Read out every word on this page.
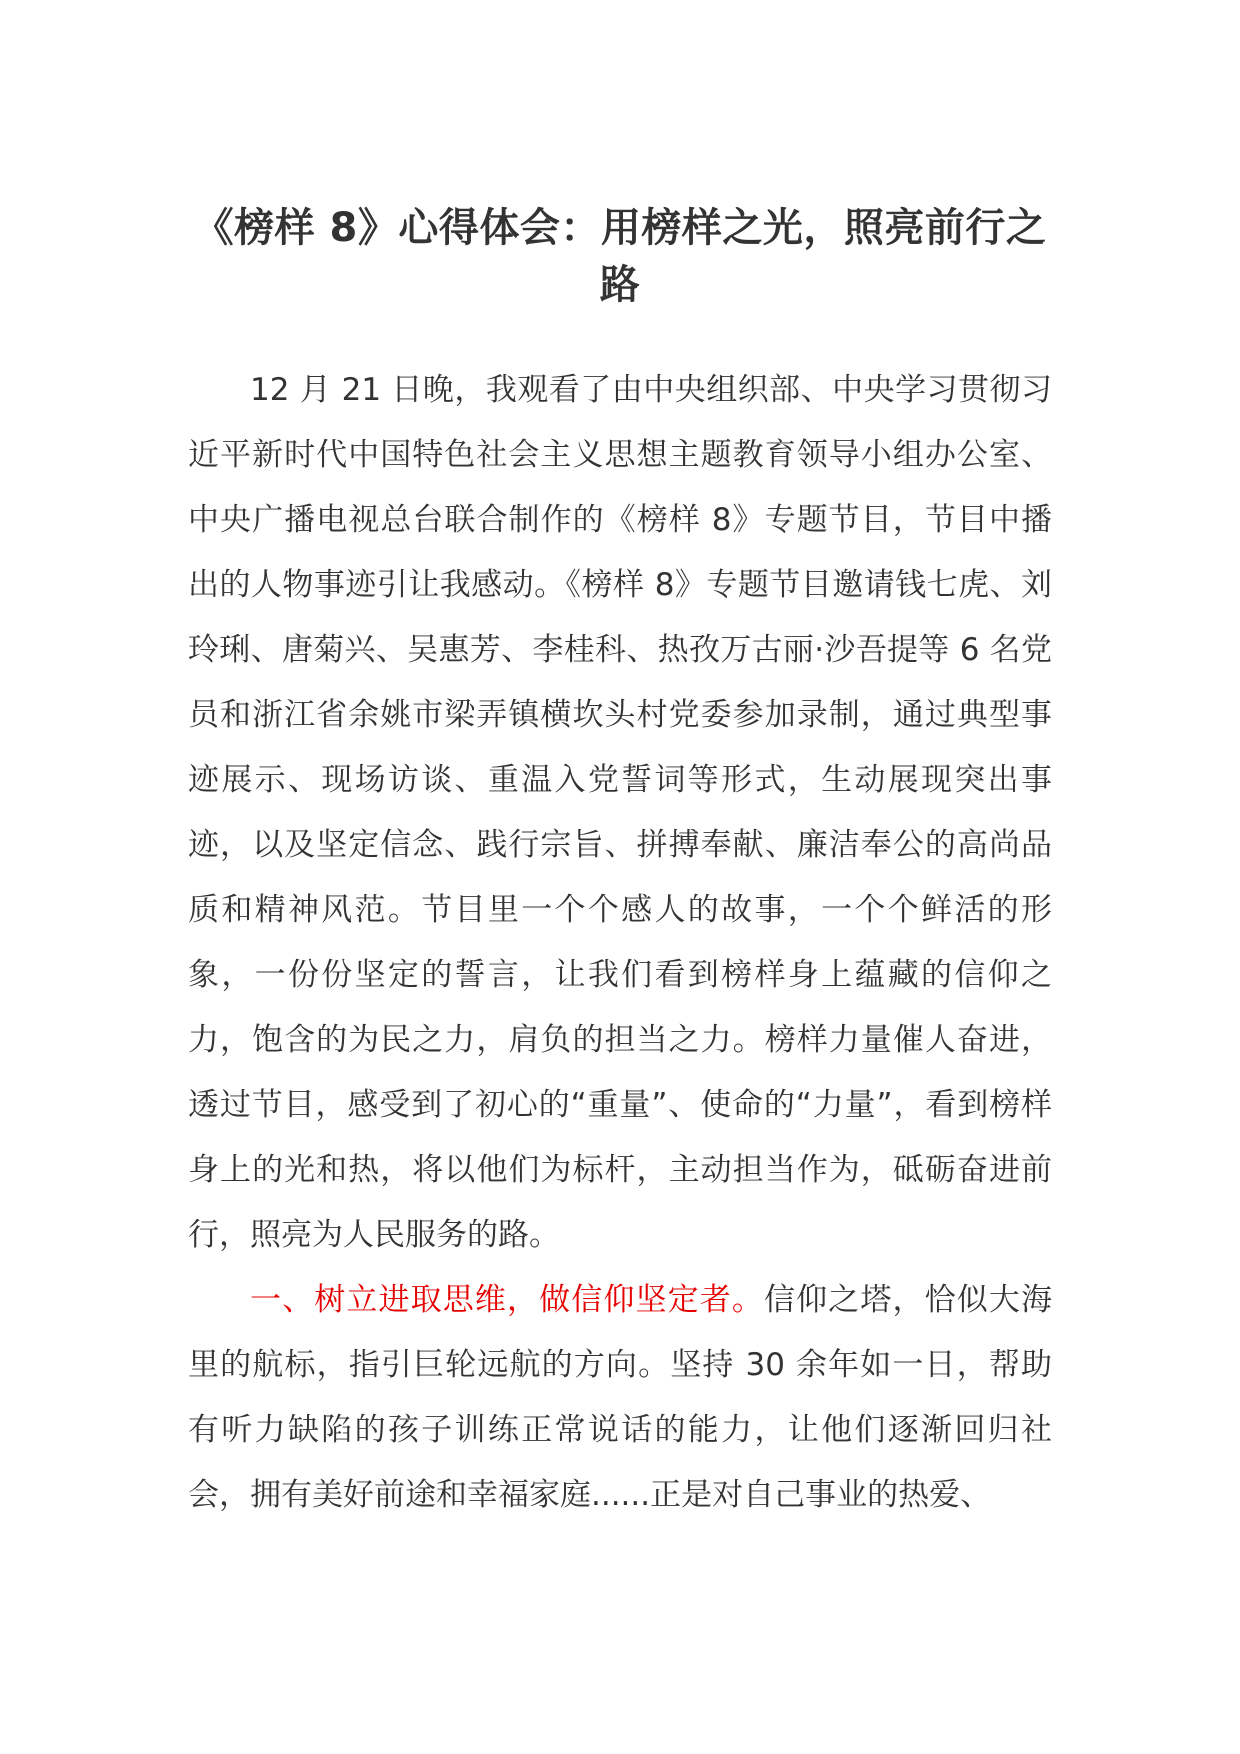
《榜样 8》心得体会：用榜样之光，照亮前行之路

12 月 21 日晚，我观看了由中央组织部、中央学习贯彻习近平新时代中国特色社会主义思想主题教育领导小组办公室、中央广播电视总台联合制作的《榜样 8》专题节目，节目中播出的人物事迹引让我感动。《榜样 8》专题节目邀请钱七虎、刘玲琍、唐菊兴、吴惠芳、李桂科、热孜万古丽·沙吾提等 6 名党员和浙江省余姚市梁弄镇横坎头村党委参加录制，通过典型事迹展示、现场访谈、重温入党誓词等形式，生动展现突出事迹，以及坚定信念、践行宗旨、拼搏奉献、廉洁奉公的高尚品质和精神风范。节目里一个个感人的故事，一个个鲜活的形象，一份份坚定的誓言，让我们看到榜样身上蕴藏的信仰之力，饱含的为民之力，肩负的担当之力。榜样力量催人奋进，透过节目，感受到了初心的“重量”、使命的“力量”，看到榜样身上的光和热，将以他们为标杆，主动担当作为，砥砺奋进前行，照亮为人民服务的路。

一、树立进取思维，做信仰坚定者。信仰之塔，恰似大海里的航标，指引巨轮远航的方向。坚持 30 余年如一日，帮助有听力缺陷的孩子训练正常说话的能力，让他们逐渐回归社会，拥有美好前途和幸福家庭......正是对自己事业的热爱、
